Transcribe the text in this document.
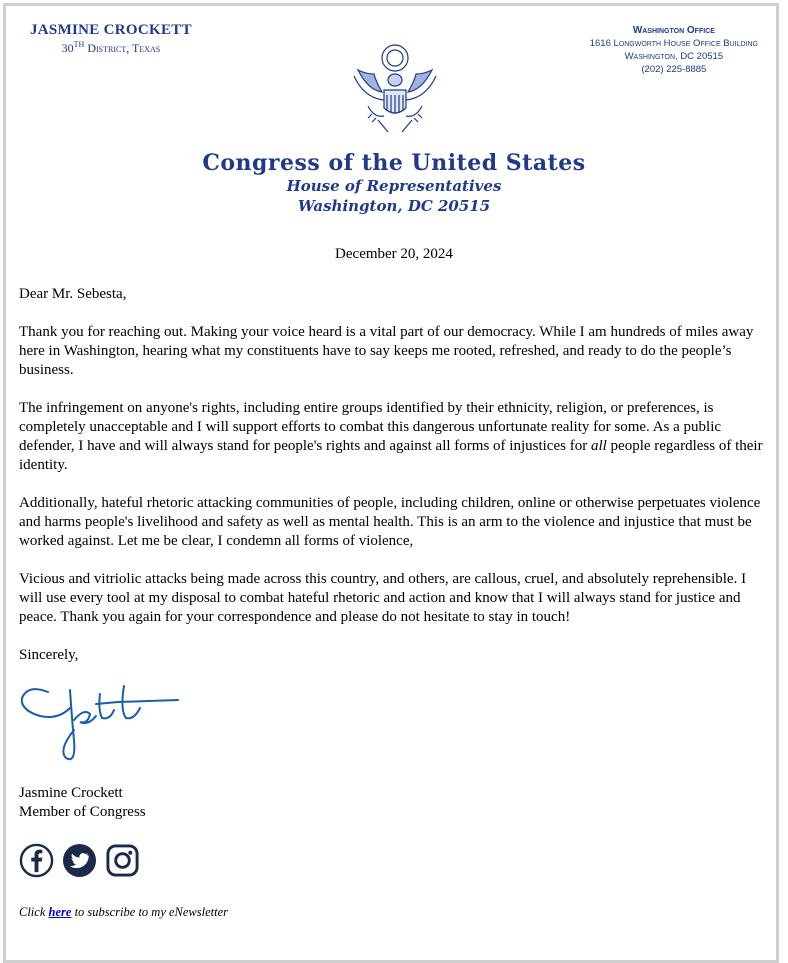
JASMINE CROCKETT
30TH District, Texas
Washington Office
1616 Longworth House Office Building
Washington, DC 20515
(202) 225-8885
Congress of the United States
House of Representatives
Washington, DC 20515
December 20, 2024

Dear Mr. Sebesta,

Thank you for reaching out. Making your voice heard is a vital part of our democracy. While I am hundreds of miles away here in Washington, hearing what my constituents have to say keeps me rooted, refreshed, and ready to do the people’s business.

The infringement on anyone's rights, including entire groups identified by their ethnicity, religion, or preferences, is completely unacceptable and I will support efforts to combat this dangerous unfortunate reality for some. As a public defender, I have and will always stand for people's rights and against all forms of injustices for all people regardless of their identity.

Additionally, hateful rhetoric attacking communities of people, including children, online or otherwise perpetuates violence and harms people's livelihood and safety as well as mental health. This is an arm to the violence and injustice that must be worked against. Let me be clear, I condemn all forms of violence,

Vicious and vitriolic attacks being made across this country, and others, are callous, cruel, and absolutely reprehensible. I will use every tool at my disposal to combat hateful rhetoric and action and know that I will always stand for justice and peace. Thank you again for your correspondence and please do not hesitate to stay in touch!

Sincerely,

Jasmine Crockett
Member of Congress
Click here to subscribe to my eNewsletter
